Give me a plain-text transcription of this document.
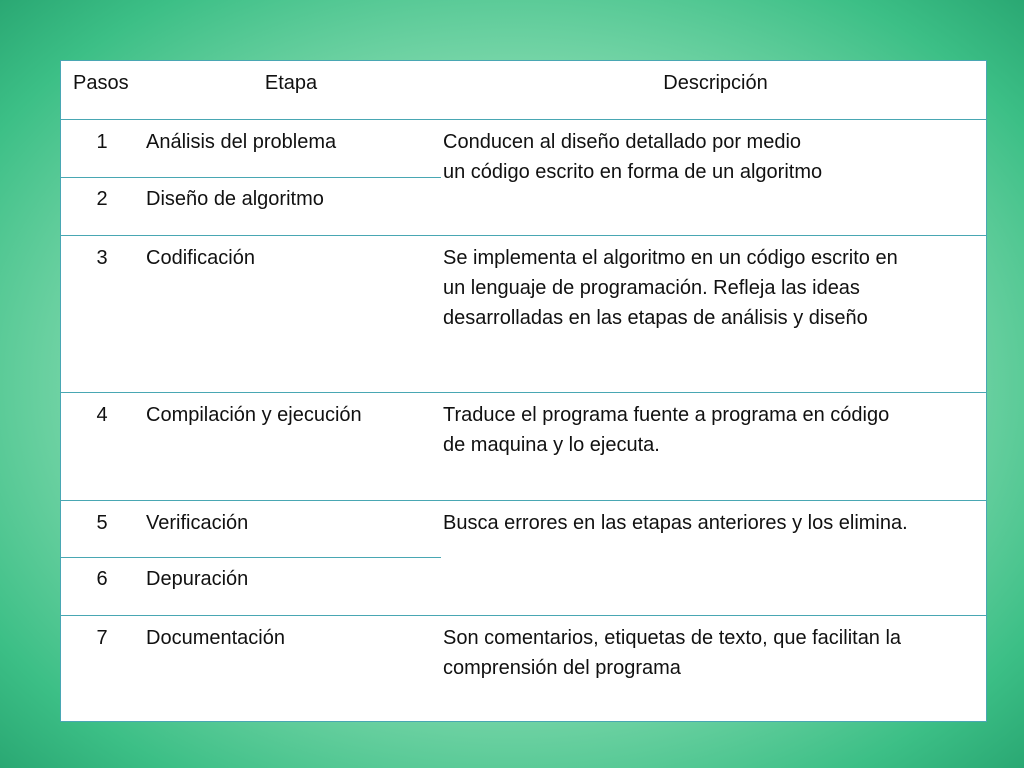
Pasos	Etapa	Descripción
1	Análisis del problema	Conducen al diseño detallado por medio
un código escrito en forma de un algoritmo
2	Diseño de algoritmo
3	Codificación	Se implementa el algoritmo en un código escrito en
un lenguaje de programación. Refleja las ideas
desarrolladas en las etapas de análisis y diseño
4	Compilación y ejecución	Traduce el programa fuente a programa en código
de maquina y lo ejecuta.
5	Verificación	Busca errores en las etapas anteriores y los elimina.
6	Depuración
7	Documentación	Son comentarios, etiquetas de texto, que facilitan la
comprensión del programa
